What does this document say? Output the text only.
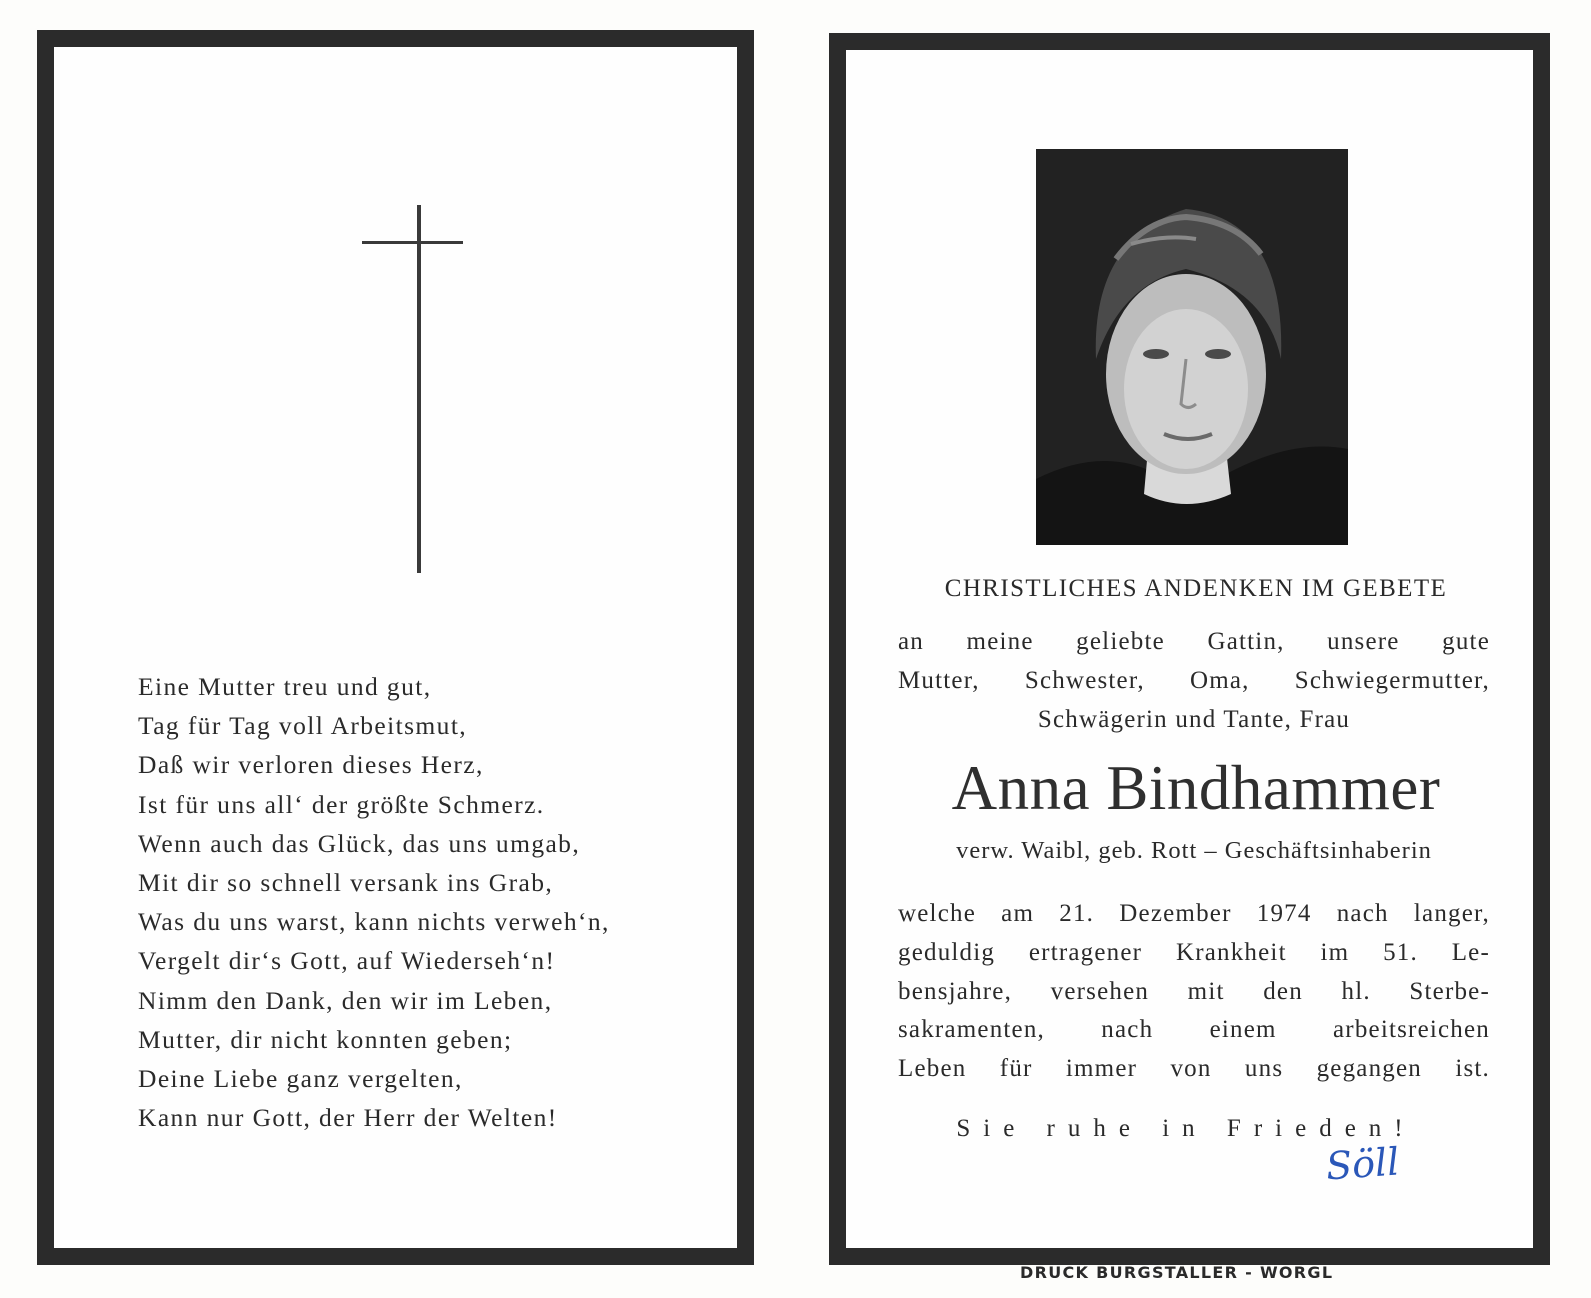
Eine Mutter treu und gut,
Tag für Tag voll Arbeitsmut,
Daß wir verloren dieses Herz,
Ist für uns all‘ der größte Schmerz.
Wenn auch das Glück, das uns umgab,
Mit dir so schnell versank ins Grab,
Was du uns warst, kann nichts verweh‘n,
Vergelt dir‘s Gott, auf Wiederseh‘n!
Nimm den Dank, den wir im Leben,
Mutter, dir nicht konnten geben;
Deine Liebe ganz vergelten,
Kann nur Gott, der Herr der Welten!
CHRISTLICHES ANDENKEN IM GEBETE
an meine geliebte Gattin, unsere gute
Mutter, Schwester, Oma, Schwiegermutter,
Schwägerin und Tante, Frau
Anna Bindhammer
verw. Waibl, geb. Rott – Geschäftsinhaberin
welche am 21. Dezember 1974 nach langer,
geduldig ertragener Krankheit im 51. Le-
bensjahre, versehen mit den hl. Sterbe-
sakramenten, nach einem arbeitsreichen
Leben für immer von uns gegangen ist.
Sie ruhe in Frieden!
Söll
DRUCK BURGSTALLER - WÖRGL
